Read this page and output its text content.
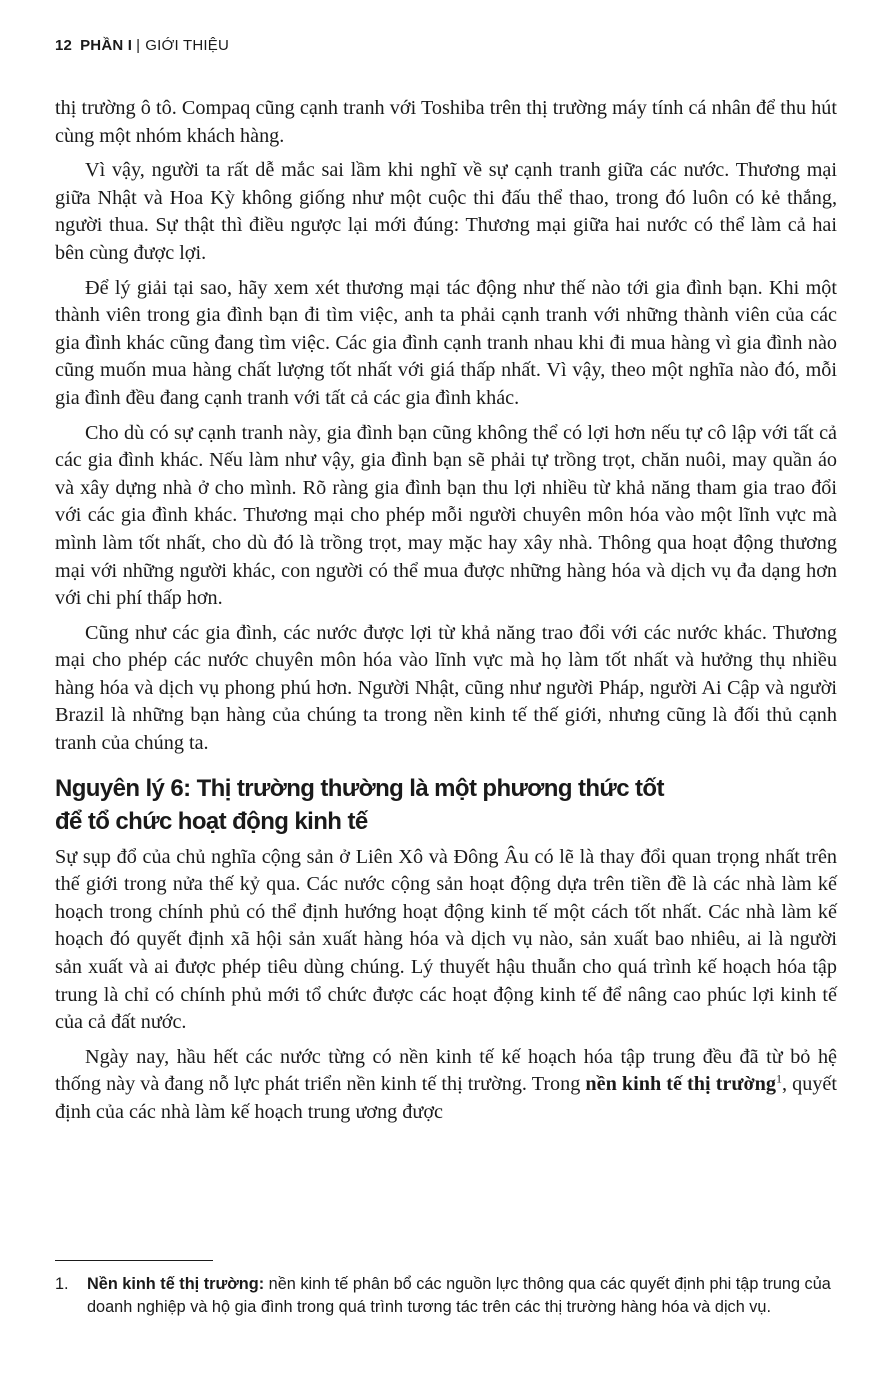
12 PHẦN I | GIỚI THIỆU

thị trường ô tô. Compaq cũng cạnh tranh với Toshiba trên thị trường máy tính cá nhân để thu hút cùng một nhóm khách hàng.

Vì vậy, người ta rất dễ mắc sai lầm khi nghĩ về sự cạnh tranh giữa các nước. Thương mại giữa Nhật và Hoa Kỳ không giống như một cuộc thi đấu thể thao, trong đó luôn có kẻ thắng, người thua. Sự thật thì điều ngược lại mới đúng: Thương mại giữa hai nước có thể làm cả hai bên cùng được lợi.

Để lý giải tại sao, hãy xem xét thương mại tác động như thế nào tới gia đình bạn. Khi một thành viên trong gia đình bạn đi tìm việc, anh ta phải cạnh tranh với những thành viên của các gia đình khác cũng đang tìm việc. Các gia đình cạnh tranh nhau khi đi mua hàng vì gia đình nào cũng muốn mua hàng chất lượng tốt nhất với giá thấp nhất. Vì vậy, theo một nghĩa nào đó, mỗi gia đình đều đang cạnh tranh với tất cả các gia đình khác.

Cho dù có sự cạnh tranh này, gia đình bạn cũng không thể có lợi hơn nếu tự cô lập với tất cả các gia đình khác. Nếu làm như vậy, gia đình bạn sẽ phải tự trồng trọt, chăn nuôi, may quần áo và xây dựng nhà ở cho mình. Rõ ràng gia đình bạn thu lợi nhiều từ khả năng tham gia trao đổi với các gia đình khác. Thương mại cho phép mỗi người chuyên môn hóa vào một lĩnh vực mà mình làm tốt nhất, cho dù đó là trồng trọt, may mặc hay xây nhà. Thông qua hoạt động thương mại với những người khác, con người có thể mua được những hàng hóa và dịch vụ đa dạng hơn với chi phí thấp hơn.

Cũng như các gia đình, các nước được lợi từ khả năng trao đổi với các nước khác. Thương mại cho phép các nước chuyên môn hóa vào lĩnh vực mà họ làm tốt nhất và hưởng thụ nhiều hàng hóa và dịch vụ phong phú hơn. Người Nhật, cũng như người Pháp, người Ai Cập và người Brazil là những bạn hàng của chúng ta trong nền kinh tế thế giới, nhưng cũng là đối thủ cạnh tranh của chúng ta.

Nguyên lý 6: Thị trường thường là một phương thức tốt
để tổ chức hoạt động kinh tế

Sự sụp đổ của chủ nghĩa cộng sản ở Liên Xô và Đông Âu có lẽ là thay đổi quan trọng nhất trên thế giới trong nửa thế kỷ qua. Các nước cộng sản hoạt động dựa trên tiền đề là các nhà làm kế hoạch trong chính phủ có thể định hướng hoạt động kinh tế một cách tốt nhất. Các nhà làm kế hoạch đó quyết định xã hội sản xuất hàng hóa và dịch vụ nào, sản xuất bao nhiêu, ai là người sản xuất và ai được phép tiêu dùng chúng. Lý thuyết hậu thuẫn cho quá trình kế hoạch hóa tập trung là chỉ có chính phủ mới tổ chức được các hoạt động kinh tế để nâng cao phúc lợi kinh tế của cả đất nước.

Ngày nay, hầu hết các nước từng có nền kinh tế kế hoạch hóa tập trung đều đã từ bỏ hệ thống này và đang nỗ lực phát triển nền kinh tế thị trường. Trong nền kinh tế thị trường$^1$, quyết định của các nhà làm kế hoạch trung ương được

1. Nền kinh tế thị trường: nền kinh tế phân bổ các nguồn lực thông qua các quyết định phi tập trung của doanh nghiệp và hộ gia đình trong quá trình tương tác trên các thị trường hàng hóa và dịch vụ.
